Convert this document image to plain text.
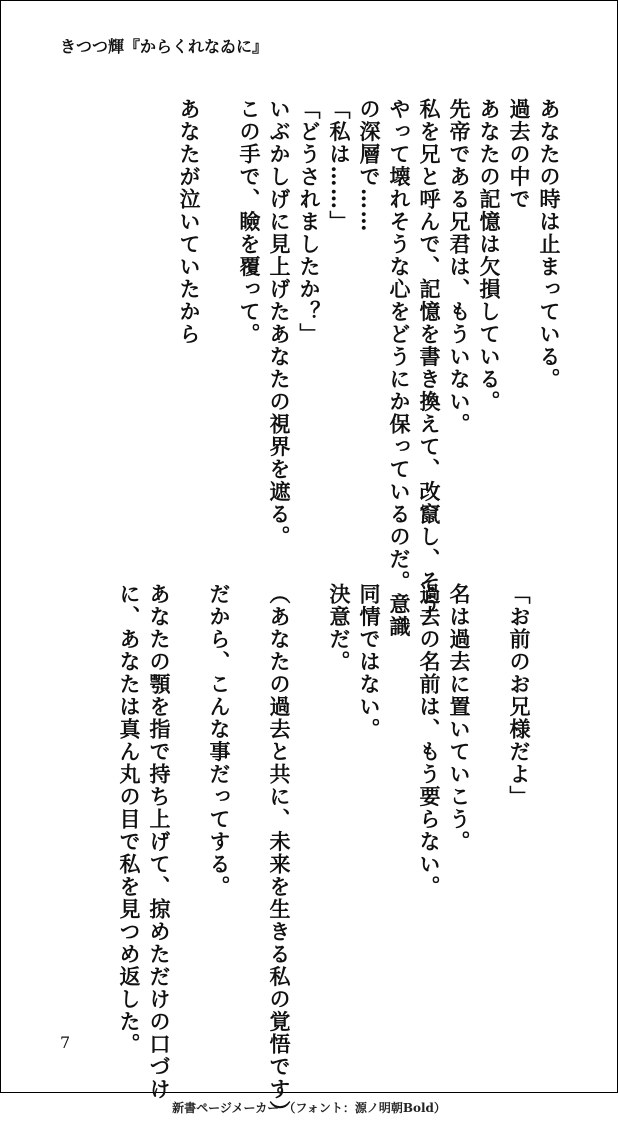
きつつ輝『からくれなゐに』
あなたの時は止まっている。
過去の中で
あなたの記憶は欠損している。
先帝である兄君は、もういない。
私を兄と呼んで、記憶を書き換えて、改竄し、そう
やって壊れそうな心をどうにか保っているのだ。意識
の深層で……
「私は……」
「どうされましたか？」
いぶかしげに見上げたあなたの視界を遮る。
この手で、瞼を覆って。
あなたが泣いていたから
「お前のお兄様だよ」
名は過去に置いていこう。
過去の名前は、もう要らない。
同情ではない。
決意だ。
（あなたの過去と共に、未来を生きる私の覚悟です）
だから、こんな事だってする。
あなたの顎を指で持ち上げて、掠めただけの口づけ
に、あなたは真ん丸の目で私を見つめ返した。
7
新書ページメーカー （フォント：源ノ明朝Bold）
